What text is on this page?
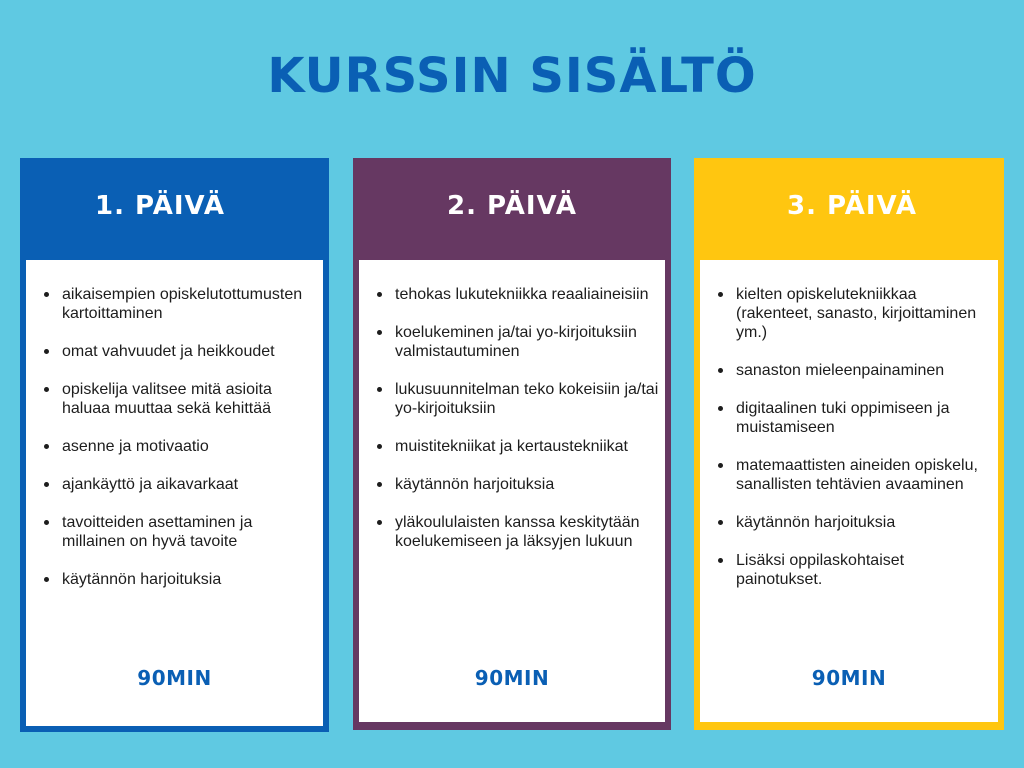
KURSSIN SISÄLTÖ
1. PÄIVÄ
aikaisempien opiskelutottumusten kartoittaminen
omat vahvuudet ja heikkoudet
opiskelija valitsee mitä asioita haluaa muuttaa sekä kehittää
asenne ja motivaatio
ajankäyttö ja aikavarkaat
tavoitteiden asettaminen ja millainen on hyvä tavoite
käytännön harjoituksia
90MIN
2. PÄIVÄ
tehokas lukutekniikka reaaliaineisiin
koelukeminen ja/tai yo-kirjoituksiin valmistautuminen
lukusuunnitelman teko kokeisiin ja/tai yo-kirjoituksiin
muistitekniikat ja kertaustekniikat
käytännön harjoituksia
yläkoululaisten kanssa keskitytään koelukemiseen ja läksyjen lukuun
90MIN
3. PÄIVÄ
kielten opiskelutekniikkaa (rakenteet, sanasto, kirjoittaminen ym.)
sanaston mieleenpainaminen
digitaalinen tuki oppimiseen ja muistamiseen
matemaattisten aineiden opiskelu, sanallisten tehtävien avaaminen
käytännön harjoituksia
Lisäksi oppilaskohtaiset painotukset.
90MIN
